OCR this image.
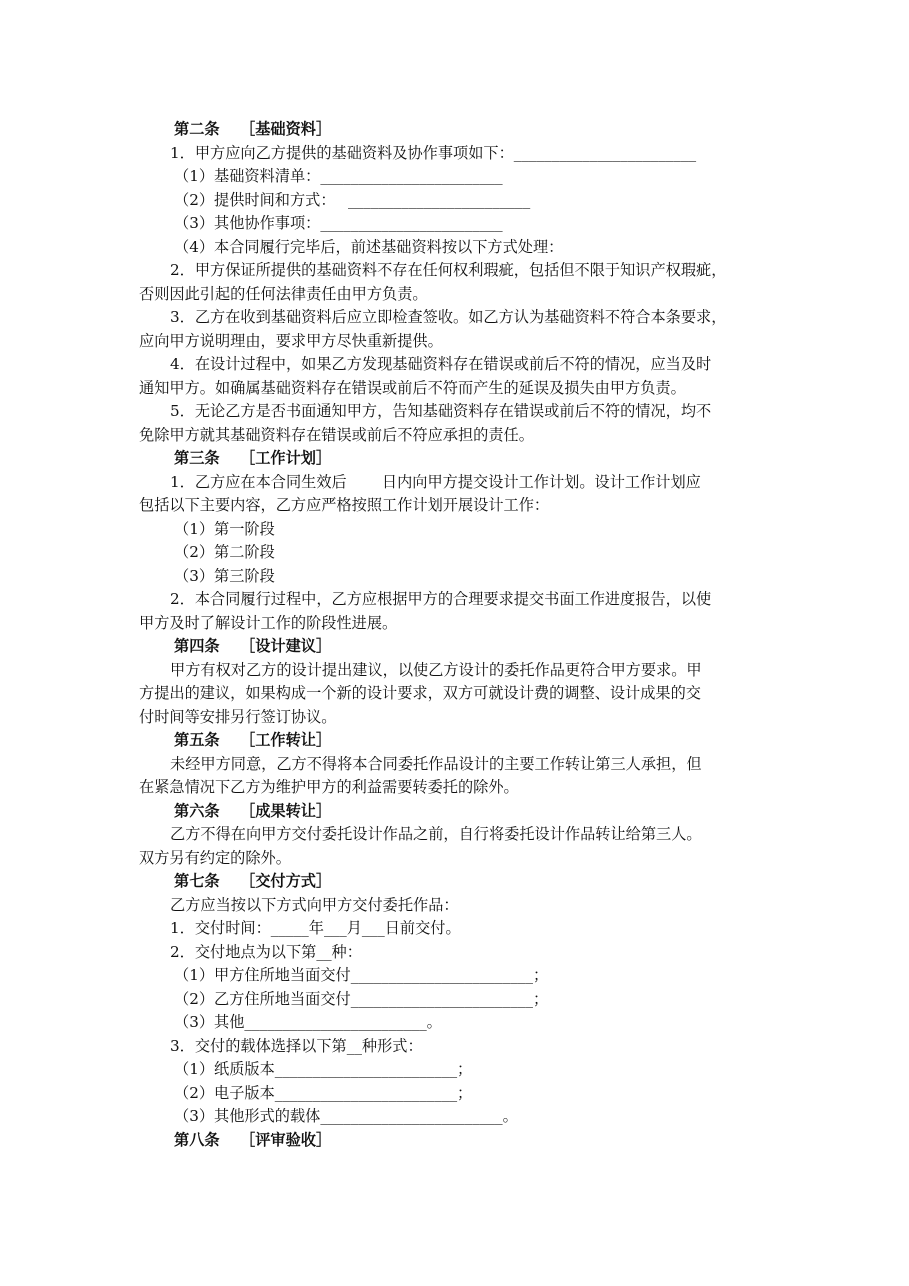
第二条　 ［基础资料］
1．甲方应向乙方提供的基础资料及协作事项如下：________________________
（1）基础资料清单：________________________
（2）提供时间和方式：　 ________________________
（3）其他协作事项：________________________
（4）本合同履行完毕后，前述基础资料按以下方式处理：
2．甲方保证所提供的基础资料不存在任何权利瑕疵，包括但不限于知识产权瑕疵，
否则因此引起的任何法律责任由甲方负责。
3．乙方在收到基础资料后应立即检查签收。如乙方认为基础资料不符合本条要求，
应向甲方说明理由，要求甲方尽快重新提供。
4．在设计过程中，如果乙方发现基础资料存在错误或前后不符的情况，应当及时
通知甲方。如确属基础资料存在错误或前后不符而产生的延误及损失由甲方负责。
5．无论乙方是否书面通知甲方，告知基础资料存在错误或前后不符的情况，均不
免除甲方就其基础资料存在错误或前后不符应承担的责任。
第三条　 ［工作计划］
1．乙方应在本合同生效后　　 日内向甲方提交设计工作计划。设计工作计划应
包括以下主要内容，乙方应严格按照工作计划开展设计工作：
（1）第一阶段
（2）第二阶段
（3）第三阶段
2．本合同履行过程中，乙方应根据甲方的合理要求提交书面工作进度报告，以使
甲方及时了解设计工作的阶段性进展。
第四条　 ［设计建议］
甲方有权对乙方的设计提出建议，以使乙方设计的委托作品更符合甲方要求。甲
方提出的建议，如果构成一个新的设计要求，双方可就设计费的调整、设计成果的交
付时间等安排另行签订协议。
第五条　 ［工作转让］
未经甲方同意，乙方不得将本合同委托作品设计的主要工作转让第三人承担，但
在紧急情况下乙方为维护甲方的利益需要转委托的除外。
第六条　 ［成果转让］
乙方不得在向甲方交付委托设计作品之前，自行将委托设计作品转让给第三人。
双方另有约定的除外。
第七条　 ［交付方式］
乙方应当按以下方式向甲方交付委托作品：
1．交付时间：_____年___月___日前交付。
2．交付地点为以下第__种：
（1）甲方住所地当面交付________________________；
（2）乙方住所地当面交付________________________；
（3）其他________________________。
3．交付的载体选择以下第__种形式：
（1）纸质版本________________________；
（2）电子版本________________________；
（3）其他形式的载体________________________。
第八条　 ［评审验收］
